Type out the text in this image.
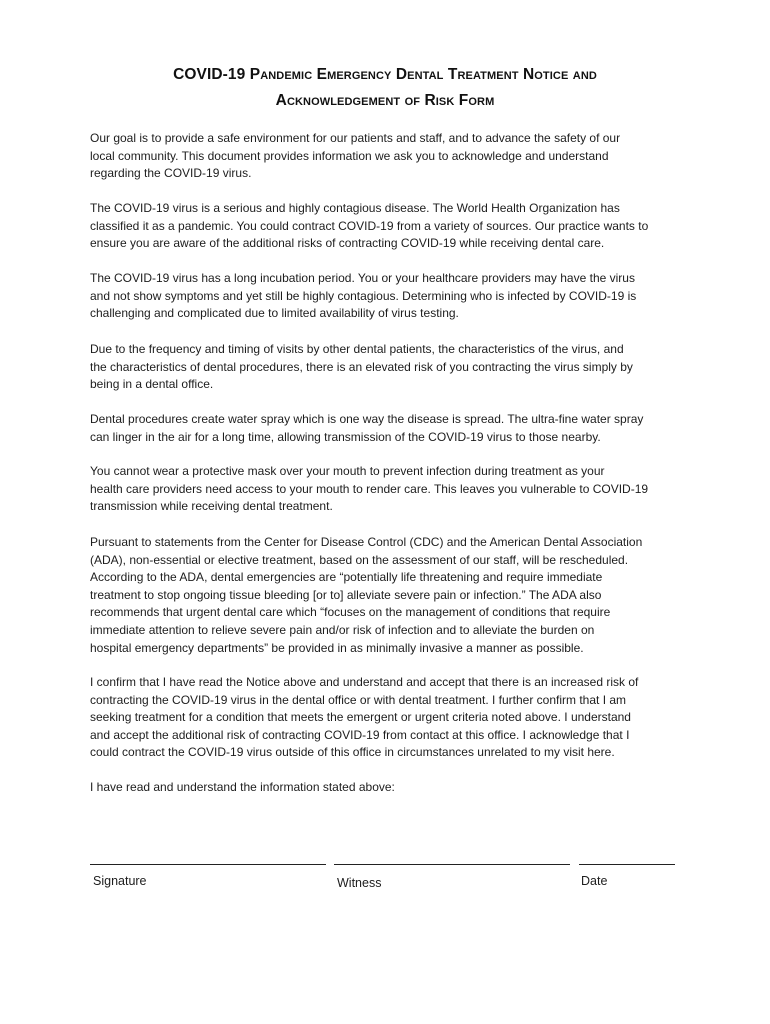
COVID-19 Pandemic Emergency Dental Treatment Notice and
Acknowledgement of Risk Form

Our goal is to provide a safe environment for our patients and staff, and to advance the safety of our
local community. This document provides information we ask you to acknowledge and understand
regarding the COVID-19 virus.

The COVID-19 virus is a serious and highly contagious disease. The World Health Organization has
classified it as a pandemic. You could contract COVID-19 from a variety of sources. Our practice wants to
ensure you are aware of the additional risks of contracting COVID-19 while receiving dental care.

The COVID-19 virus has a long incubation period. You or your healthcare providers may have the virus
and not show symptoms and yet still be highly contagious. Determining who is infected by COVID-19 is
challenging and complicated due to limited availability of virus testing.

Due to the frequency and timing of visits by other dental patients, the characteristics of the virus, and
the characteristics of dental procedures, there is an elevated risk of you contracting the virus simply by
being in a dental office.

Dental procedures create water spray which is one way the disease is spread. The ultra-fine water spray
can linger in the air for a long time, allowing transmission of the COVID-19 virus to those nearby.

You cannot wear a protective mask over your mouth to prevent infection during treatment as your
health care providers need access to your mouth to render care. This leaves you vulnerable to COVID-19
transmission while receiving dental treatment.

Pursuant to statements from the Center for Disease Control (CDC) and the American Dental Association
(ADA), non-essential or elective treatment, based on the assessment of our staff, will be rescheduled.
According to the ADA, dental emergencies are “potentially life threatening and require immediate
treatment to stop ongoing tissue bleeding [or to] alleviate severe pain or infection.” The ADA also
recommends that urgent dental care which “focuses on the management of conditions that require
immediate attention to relieve severe pain and/or risk of infection and to alleviate the burden on
hospital emergency departments” be provided in as minimally invasive a manner as possible.

I confirm that I have read the Notice above and understand and accept that there is an increased risk of
contracting the COVID-19 virus in the dental office or with dental treatment. I further confirm that I am
seeking treatment for a condition that meets the emergent or urgent criteria noted above. I understand
and accept the additional risk of contracting COVID-19 from contact at this office. I acknowledge that I
could contract the COVID-19 virus outside of this office in circumstances unrelated to my visit here.

I have read and understand the information stated above:

Signature	Witness	Date
